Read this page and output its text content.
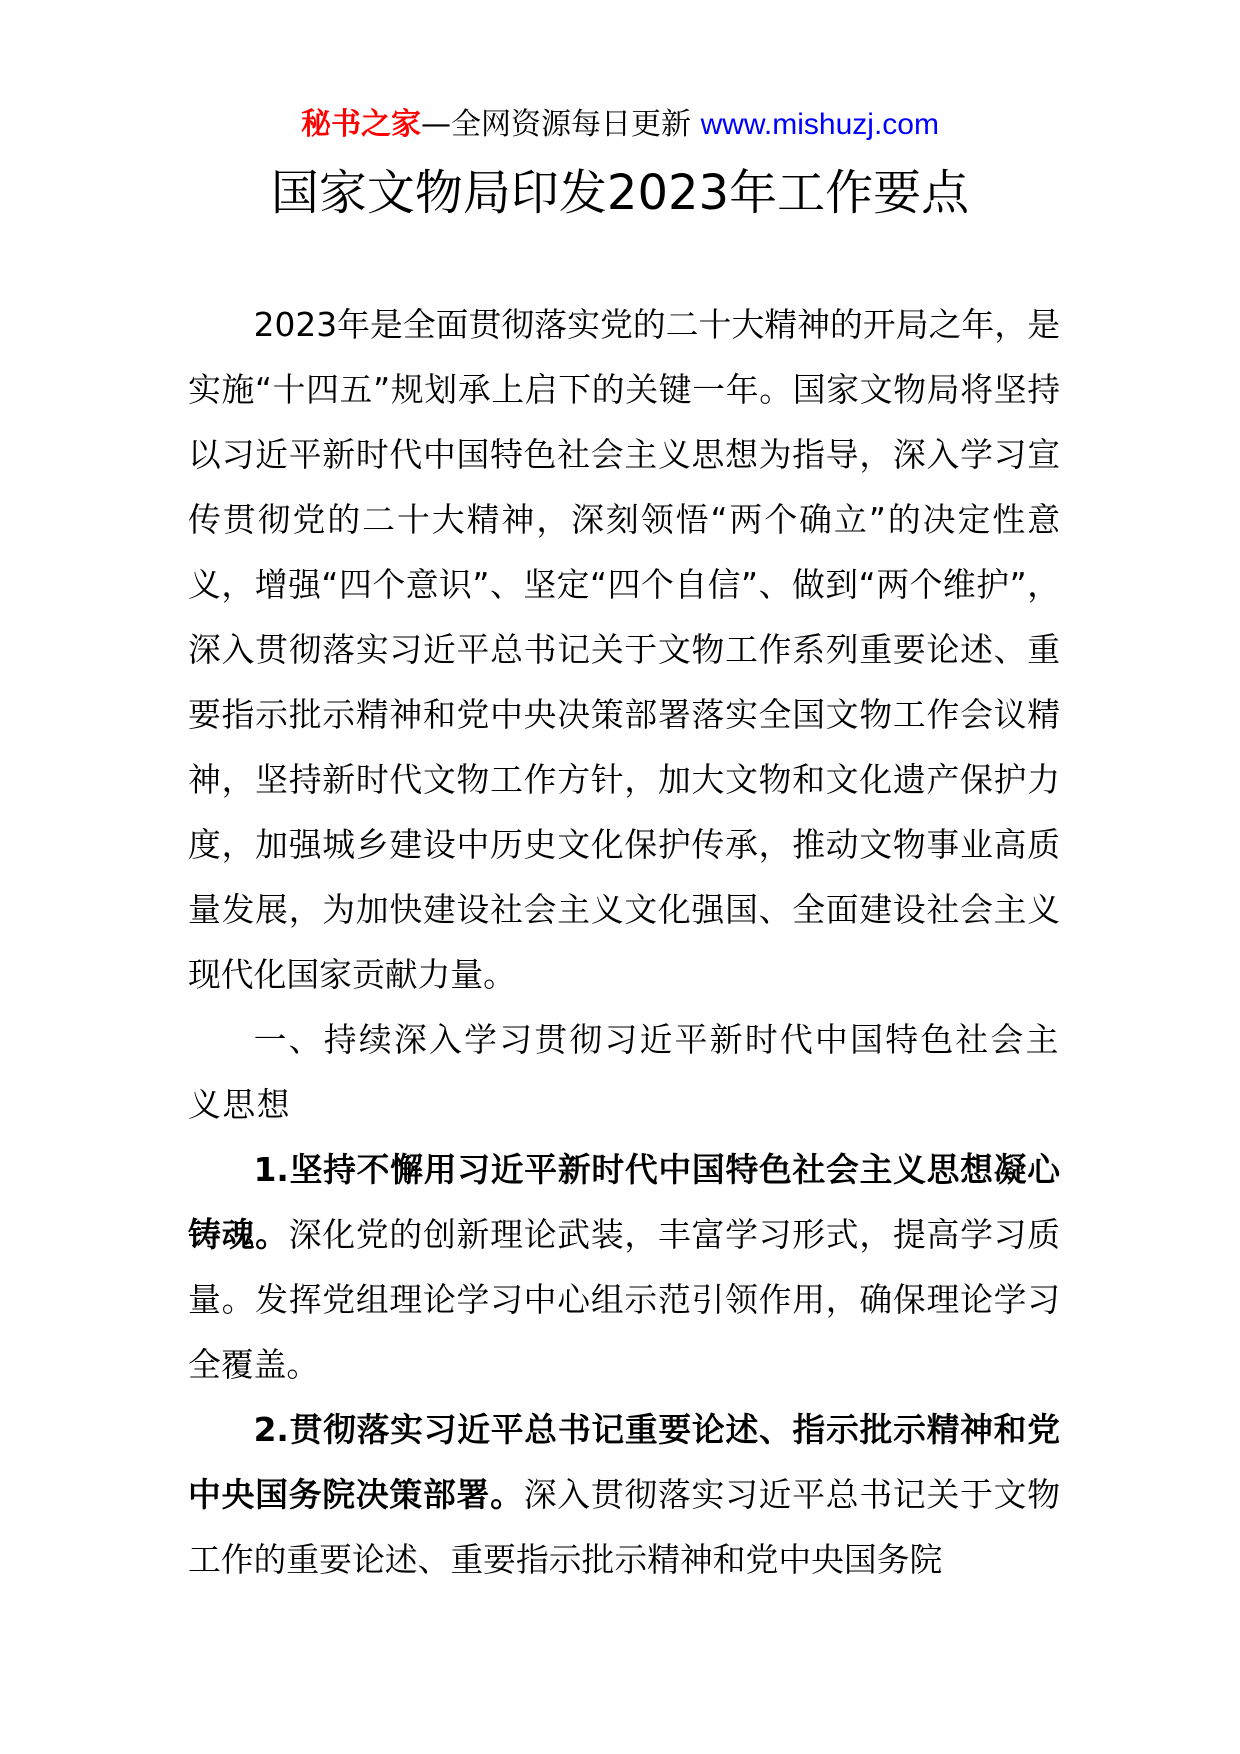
秘书之家—全网资源每日更新 www.mishuzj.com
国家文物局印发2023年工作要点

2023年是全面贯彻落实党的二十大精神的开局之年，是实施“十四五”规划承上启下的关键一年。国家文物局将坚持以习近平新时代中国特色社会主义思想为指导，深入学习宣传贯彻党的二十大精神，深刻领悟“两个确立”的决定性意义，增强“四个意识”、坚定“四个自信”、做到“两个维护”，深入贯彻落实习近平总书记关于文物工作系列重要论述、重要指示批示精神和党中央决策部署落实全国文物工作会议精神，坚持新时代文物工作方针，加大文物和文化遗产保护力度，加强城乡建设中历史文化保护传承，推动文物事业高质量发展，为加快建设社会主义文化强国、全面建设社会主义现代化国家贡献力量。

一、持续深入学习贯彻习近平新时代中国特色社会主义思想

1.坚持不懈用习近平新时代中国特色社会主义思想凝心铸魂。深化党的创新理论武装，丰富学习形式，提高学习质量。发挥党组理论学习中心组示范引领作用，确保理论学习全覆盖。

2.贯彻落实习近平总书记重要论述、指示批示精神和党中央国务院决策部署。深入贯彻落实习近平总书记关于文物工作的重要论述、重要指示批示精神和党中央国务院
